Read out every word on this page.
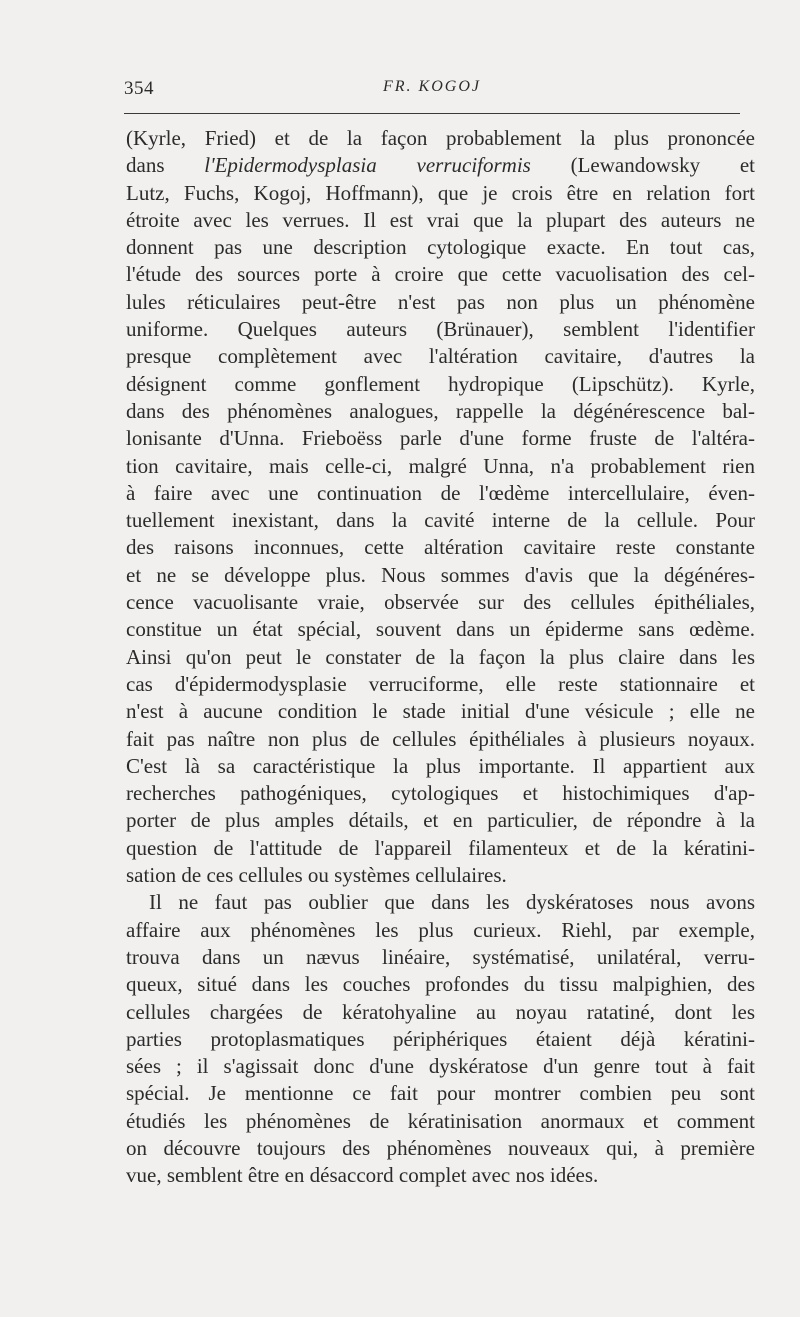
354	FR. KOGOJ
(Kyrle, Fried) et de la façon probablement la plus prononcée
dans l'Epidermodysplasia verruciformis (Lewandowsky et
Lutz, Fuchs, Kogoj, Hoffmann), que je crois être en relation fort
étroite avec les verrues. Il est vrai que la plupart des auteurs ne
donnent pas une description cytologique exacte. En tout cas,
l'étude des sources porte à croire que cette vacuolisation des cel-
lules réticulaires peut-être n'est pas non plus un phénomène
uniforme. Quelques auteurs (Brünauer), semblent l'identifier
presque complètement avec l'altération cavitaire, d'autres la
désignent comme gonflement hydropique (Lipschütz). Kyrle,
dans des phénomènes analogues, rappelle la dégénérescence bal-
lonisante d'Unna. Frieboëss parle d'une forme fruste de l'altéra-
tion cavitaire, mais celle-ci, malgré Unna, n'a probablement rien
à faire avec une continuation de l'œdème intercellulaire, éven-
tuellement inexistant, dans la cavité interne de la cellule. Pour
des raisons inconnues, cette altération cavitaire reste constante
et ne se développe plus. Nous sommes d'avis que la dégénéres-
cence vacuolisante vraie, observée sur des cellules épithéliales,
constitue un état spécial, souvent dans un épiderme sans œdème.
Ainsi qu'on peut le constater de la façon la plus claire dans les
cas d'épidermodysplasie verruciforme, elle reste stationnaire et
n'est à aucune condition le stade initial d'une vésicule ; elle ne
fait pas naître non plus de cellules épithéliales à plusieurs noyaux.
C'est là sa caractéristique la plus importante. Il appartient aux
recherches pathogéniques, cytologiques et histochimiques d'ap-
porter de plus amples détails, et en particulier, de répondre à la
question de l'attitude de l'appareil filamenteux et de la kératini-
sation de ces cellules ou systèmes cellulaires.
Il ne faut pas oublier que dans les dyskératoses nous avons
affaire aux phénomènes les plus curieux. Riehl, par exemple,
trouva dans un nævus linéaire, systématisé, unilatéral, verru-
queux, situé dans les couches profondes du tissu malpighien, des
cellules chargées de kératohyaline au noyau ratatiné, dont les
parties protoplasmatiques périphériques étaient déjà kératini-
sées ; il s'agissait donc d'une dyskératose d'un genre tout à fait
spécial. Je mentionne ce fait pour montrer combien peu sont
étudiés les phénomènes de kératinisation anormaux et comment
on découvre toujours des phénomènes nouveaux qui, à première
vue, semblent être en désaccord complet avec nos idées.
